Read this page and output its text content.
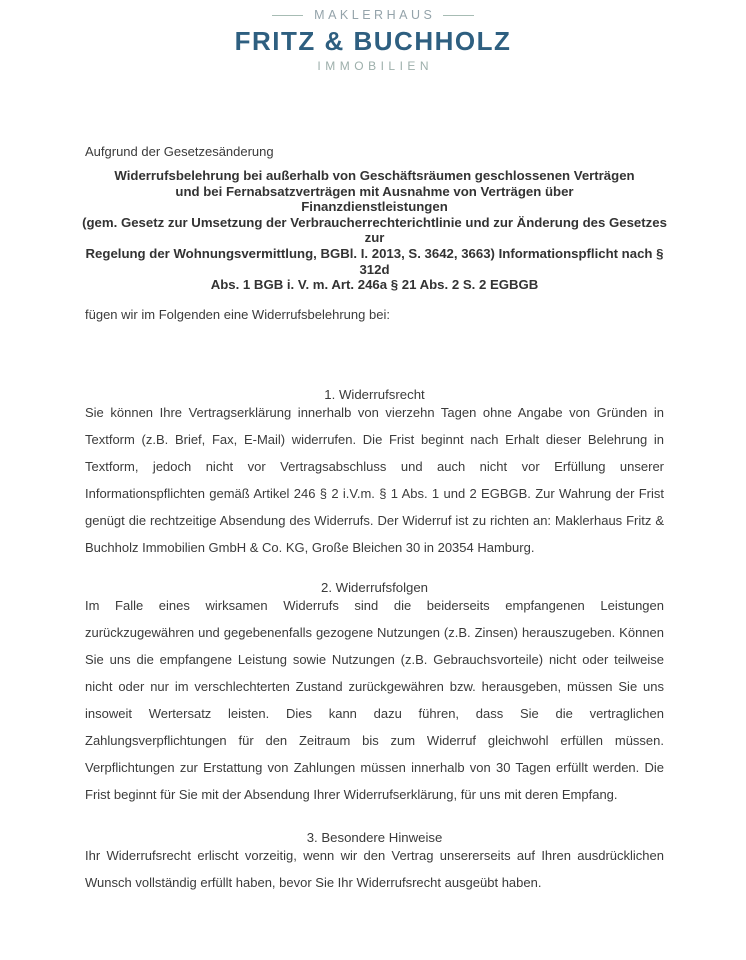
MAKLERHAUS
FRITZ & BUCHHOLZ
IMMOBILIEN
Aufgrund der Gesetzesänderung
Widerrufsbelehrung bei außerhalb von Geschäftsräumen geschlossenen Verträgen
und bei Fernabsatzverträgen mit Ausnahme von Verträgen über
Finanzdienstleistungen
(gem. Gesetz zur Umsetzung der Verbraucherrechterichtlinie und zur Änderung des Gesetzes
zur
Regelung der Wohnungsvermittlung, BGBl. I. 2013, S. 3642, 3663) Informationspflicht nach §
312d
Abs. 1 BGB i. V. m. Art. 246a § 21 Abs. 2 S. 2 EGBGB
fügen wir im Folgenden eine Widerrufsbelehrung bei:
1. Widerrufsrecht

Sie können Ihre Vertragserklärung innerhalb von vierzehn Tagen ohne Angabe von Gründen in Textform (z.B. Brief, Fax, E-Mail) widerrufen. Die Frist beginnt nach Erhalt dieser Belehrung in Textform, jedoch nicht vor Vertragsabschluss und auch nicht vor Erfüllung unserer Informationspflichten gemäß Artikel 246 § 2 i.V.m. § 1 Abs. 1 und 2 EGBGB. Zur Wahrung der Frist genügt die rechtzeitige Absendung des Widerrufs. Der Widerruf ist zu richten an: Maklerhaus Fritz & Buchholz Immobilien GmbH & Co. KG, Große Bleichen 30 in 20354 Hamburg.

2. Widerrufsfolgen

Im Falle eines wirksamen Widerrufs sind die beiderseits empfangenen Leistungen zurückzugewähren und gegebenenfalls gezogene Nutzungen (z.B. Zinsen) herauszugeben. Können Sie uns die empfangene Leistung sowie Nutzungen (z.B. Gebrauchsvorteile) nicht oder teilweise nicht oder nur im verschlechterten Zustand zurückgewähren bzw. herausgeben, müssen Sie uns insoweit Wertersatz leisten. Dies kann dazu führen, dass Sie die vertraglichen Zahlungsverpflichtungen für den Zeitraum bis zum Widerruf gleichwohl erfüllen müssen. Verpflichtungen zur Erstattung von Zahlungen müssen innerhalb von 30 Tagen erfüllt werden. Die Frist beginnt für Sie mit der Absendung Ihrer Widerrufserklärung, für uns mit deren Empfang.

3. Besondere Hinweise

Ihr Widerrufsrecht erlischt vorzeitig, wenn wir den Vertrag unsererseits auf Ihren ausdrücklichen Wunsch vollständig erfüllt haben, bevor Sie Ihr Widerrufsrecht ausgeübt haben.
